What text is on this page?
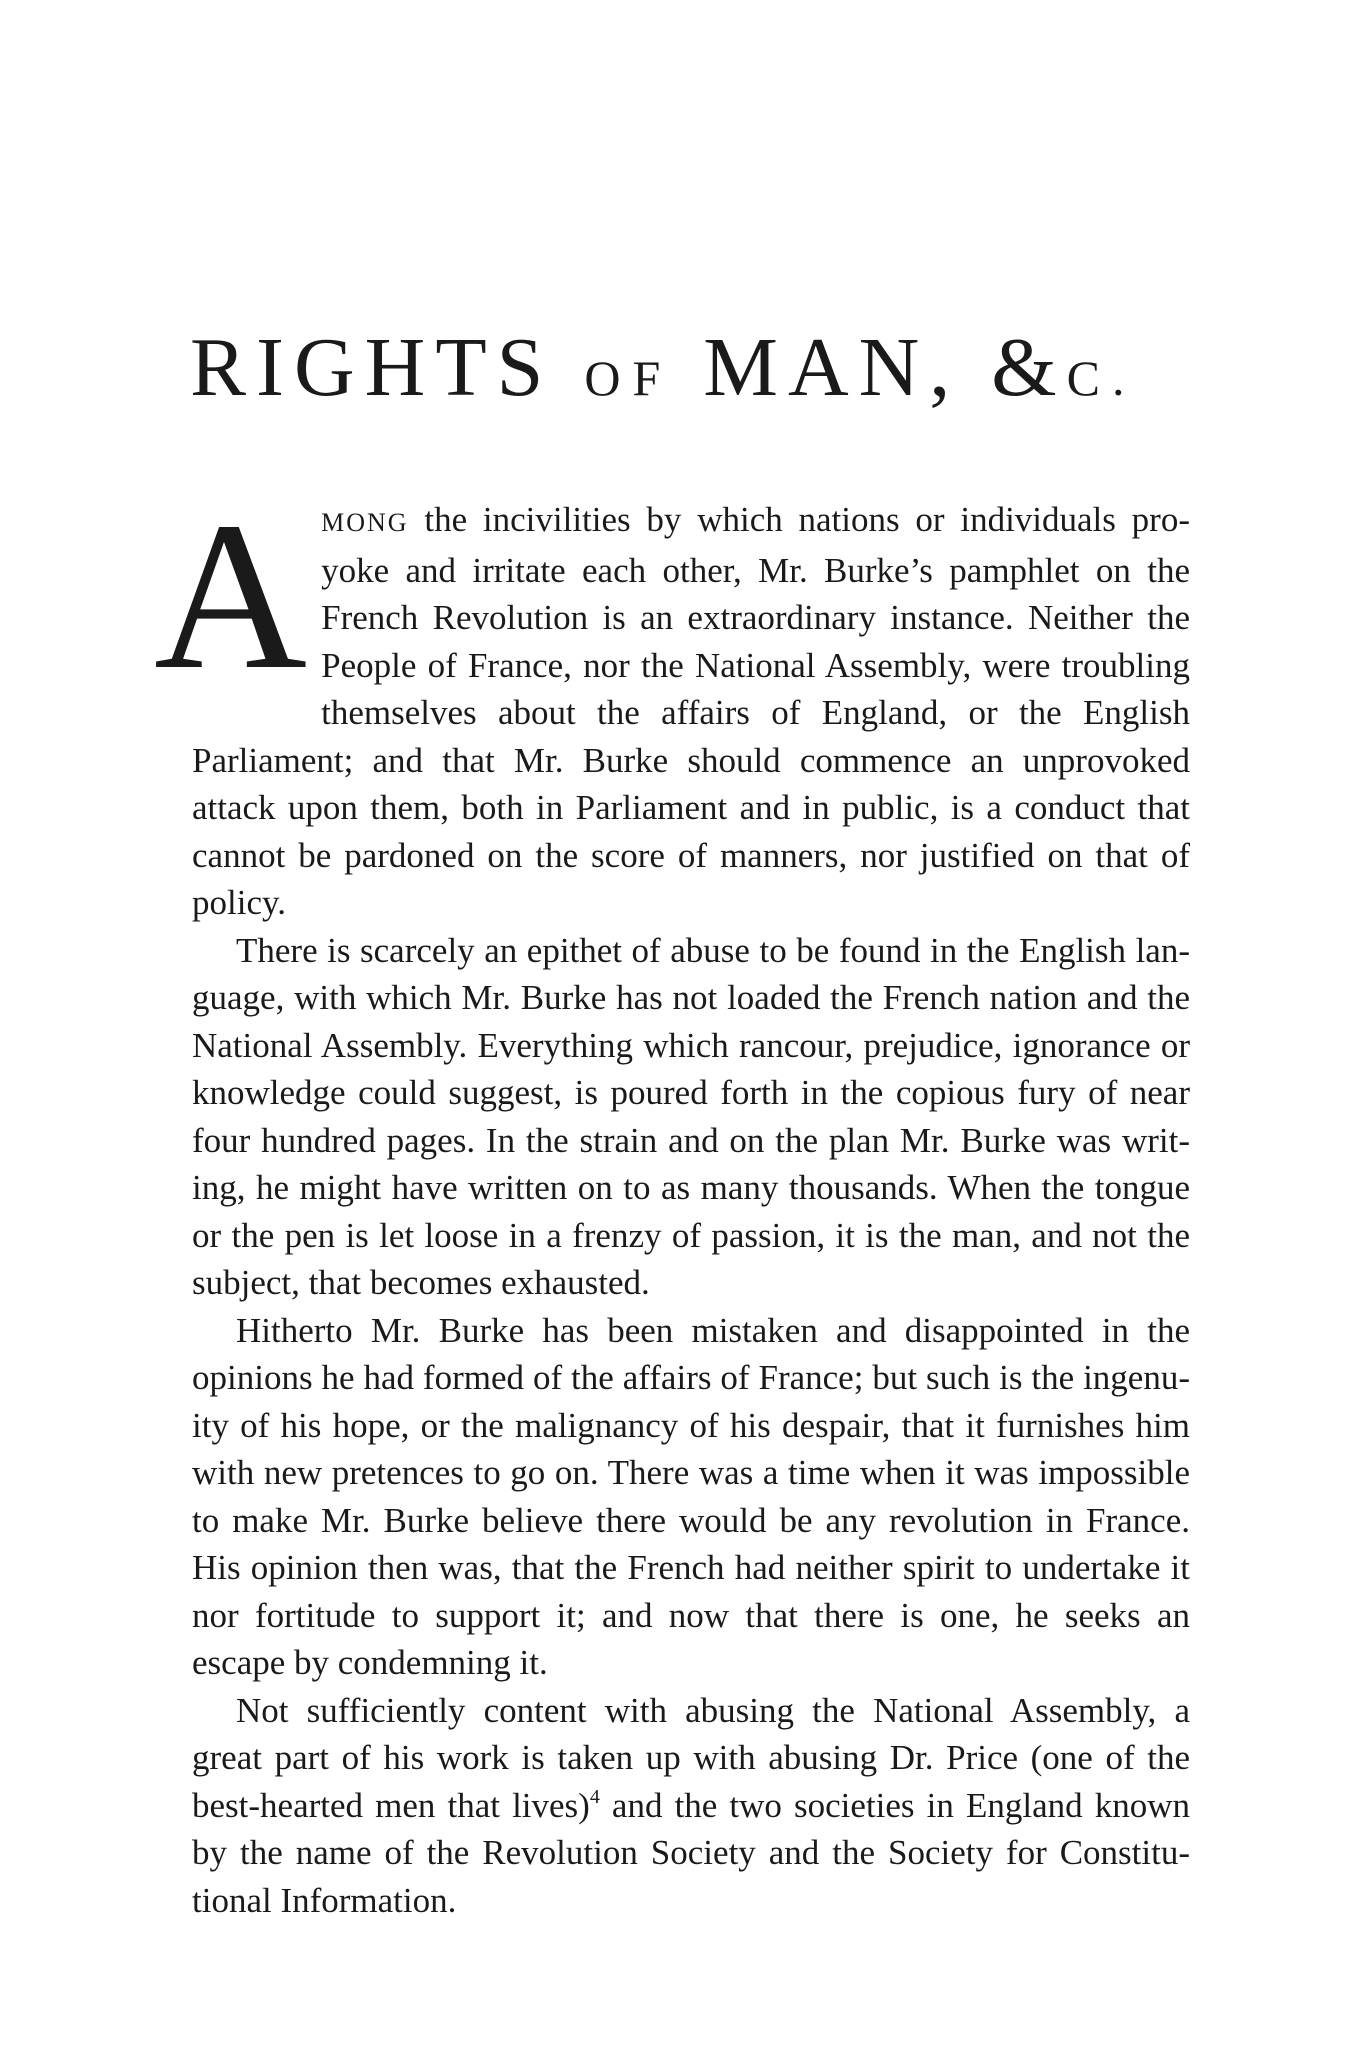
RIGHTS OF MAN, &C.

AMONG the incivilities by which nations or individuals proyoke and irritate each other, Mr. Burke’s pamphlet on the French Revolution is an extraordinary instance. Neither the People of France, nor the National Assembly, were troubling themselves about the affairs of England, or the English Parliament; and that Mr. Burke should commence an unprovoked attack upon them, both in Parliament and in public, is a conduct that cannot be pardoned on the score of manners, nor justified on that of policy.

There is scarcely an epithet of abuse to be found in the English language, with which Mr. Burke has not loaded the French nation and the National Assembly. Everything which rancour, prejudice, ignorance or knowledge could suggest, is poured forth in the copious fury of near four hundred pages. In the strain and on the plan Mr. Burke was writing, he might have written on to as many thousands. When the tongue or the pen is let loose in a frenzy of passion, it is the man, and not the subject, that becomes exhausted.

Hitherto Mr. Burke has been mistaken and disappointed in the opinions he had formed of the affairs of France; but such is the ingenuity of his hope, or the malignancy of his despair, that it furnishes him with new pretences to go on. There was a time when it was impossible to make Mr. Burke believe there would be any revolution in France. His opinion then was, that the French had neither spirit to undertake it nor fortitude to support it; and now that there is one, he seeks an escape by condemning it.

Not sufficiently content with abusing the National Assembly, a great part of his work is taken up with abusing Dr. Price (one of the best-hearted men that lives)$^4$ and the two societies in England known by the name of the Revolution Society and the Society for Constitutional Information.
